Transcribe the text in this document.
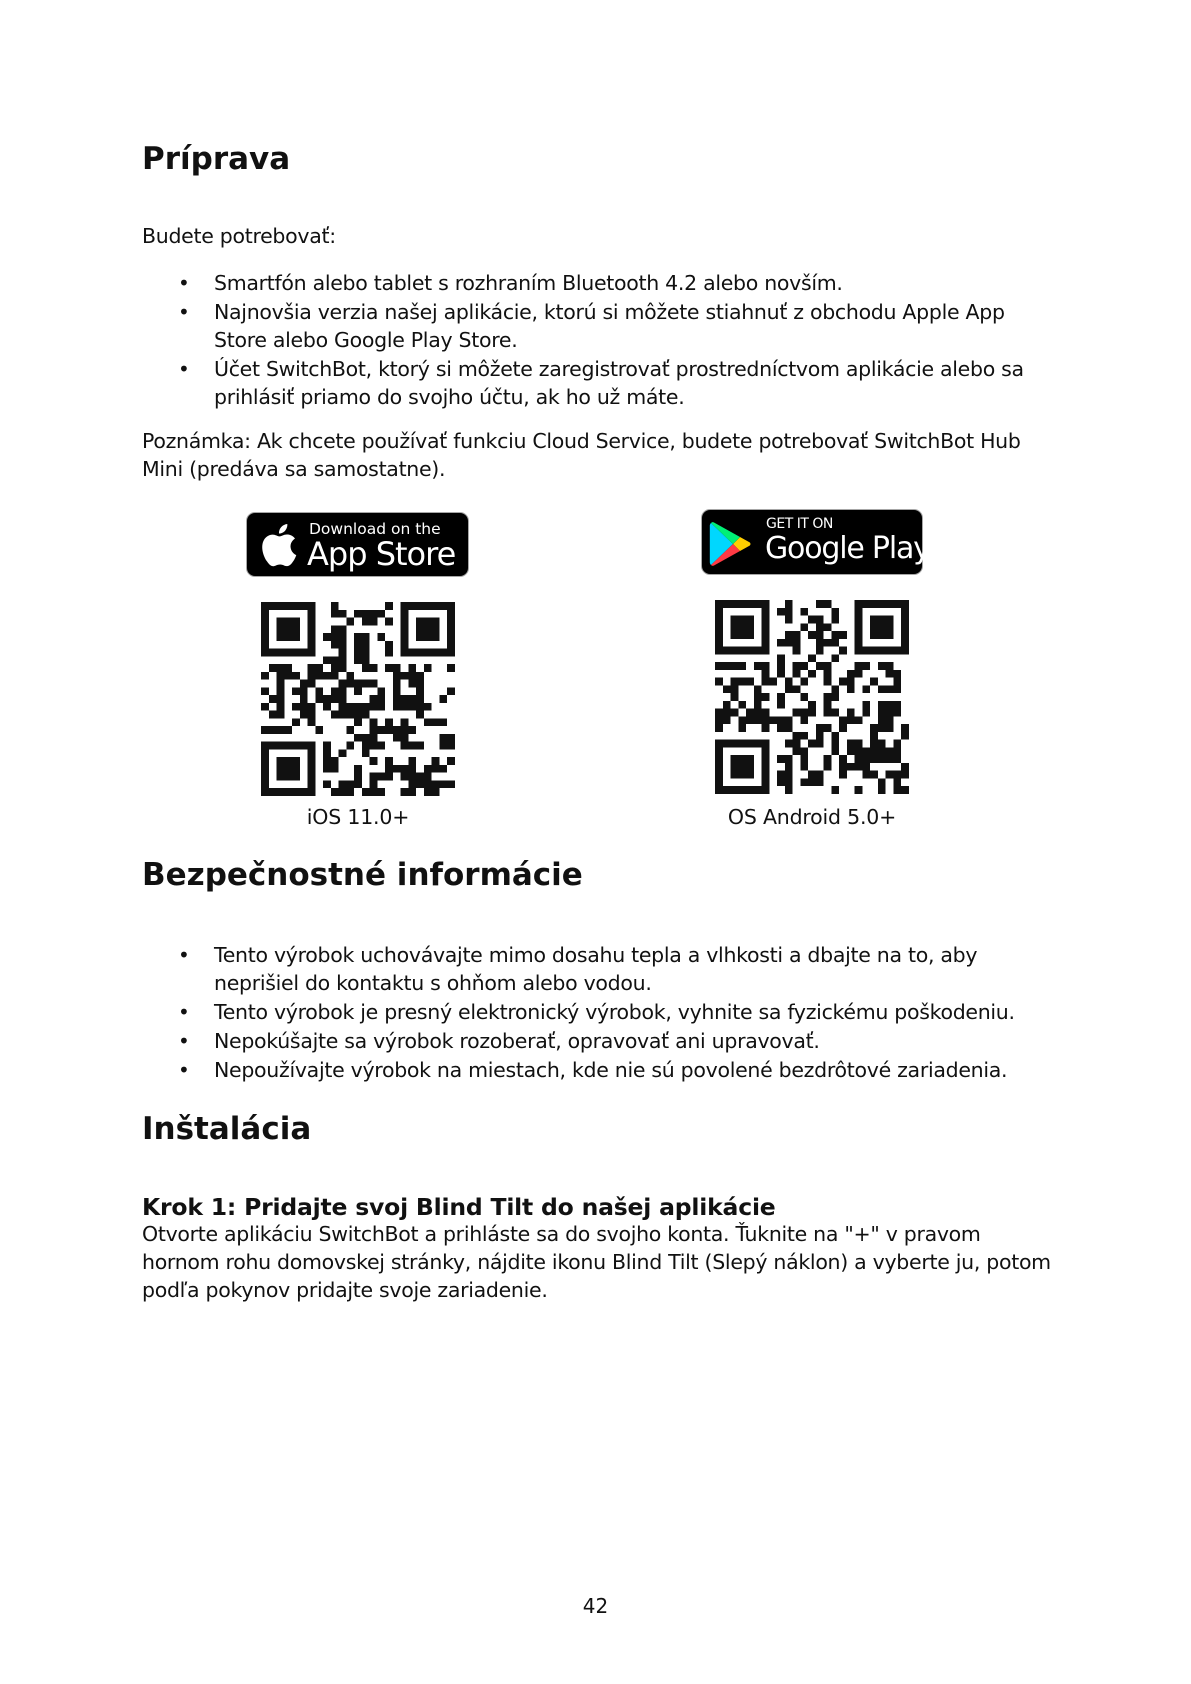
Príprava

Budete potrebovať:

• Smartfón alebo tablet s rozhraním Bluetooth 4.2 alebo novším.
• Najnovšia verzia našej aplikácie, ktorú si môžete stiahnuť z obchodu Apple App Store alebo Google Play Store.
• Účet SwitchBot, ktorý si môžete zaregistrovať prostredníctvom aplikácie alebo sa prihlásiť priamo do svojho účtu, ak ho už máte.

Poznámka: Ak chcete používať funkciu Cloud Service, budete potrebovať SwitchBot Hub Mini (predáva sa samostatne).

Bezpečnostné informácie
• Tento výrobok uchovávajte mimo dosahu tepla a vlhkosti a dbajte na to, aby neprišiel do kontaktu s ohňom alebo vodou.
• Tento výrobok je presný elektronický výrobok, vyhnite sa fyzickému poškodeniu.
• Nepokúšajte sa výrobok rozoberať, opravovať ani upravovať.
• Nepoužívajte výrobok na miestach, kde nie sú povolené bezdrôtové zariadenia.
Inštalácia
Krok 1: Pridajte svoj Blind Tilt do našej aplikácie

Otvorte aplikáciu SwitchBot a prihláste sa do svojho konta. Ťuknite na "+" v pravom hornom rohu domovskej stránky, nájdite ikonu Blind Tilt (Slepý náklon) a vyberte ju, potom podľa pokynov pridajte svoje zariadenie.

Download on the
App Store
GET IT ON
Google Play
iOS 11.0+	OS Android 5.0+
42
